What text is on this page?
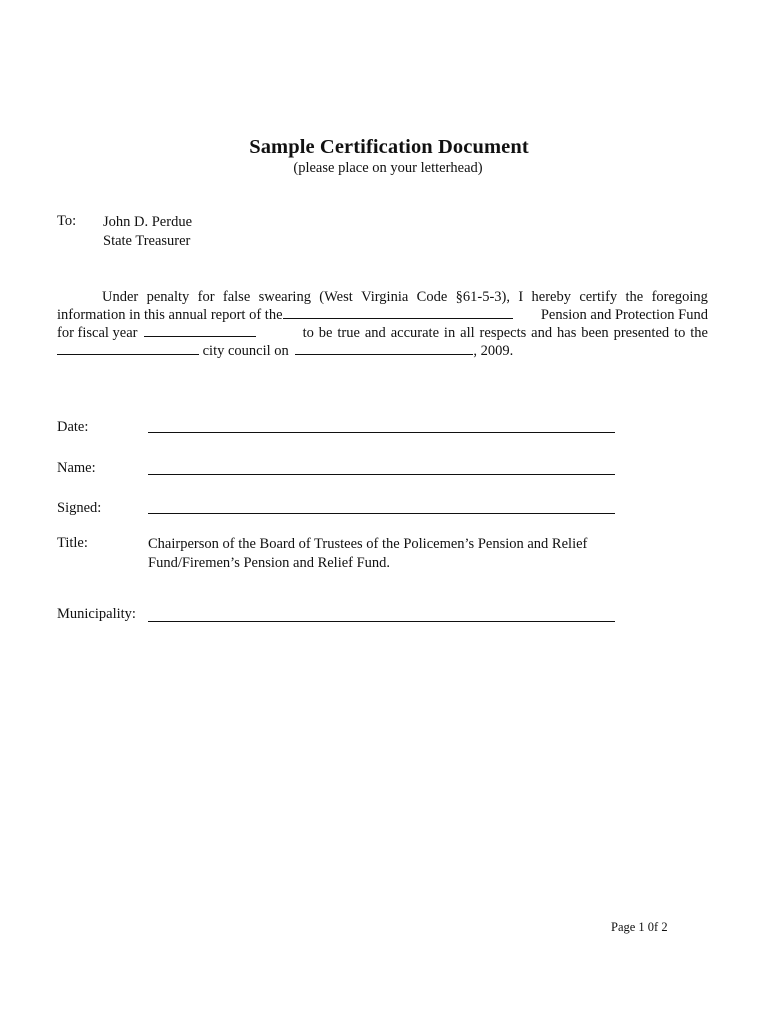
Sample Certification Document
(please place on your letterhead)
To: John D. Perdue
State Treasurer
Under penalty for false swearing (West Virginia Code §61-5-3), I hereby certify the foregoing
information in this annual report of the	Pension and Protection Fund
for fiscal year	to be true and accurate in all respects and has been presented to the
city council on	, 2009.
Date:
Name:
Signed:
Title:	Chairperson of the Board of Trustees of the Policemen’s Pension and Relief
Fund/Firemen’s Pension and Relief Fund.
Municipality:
Page 1 0f 2
